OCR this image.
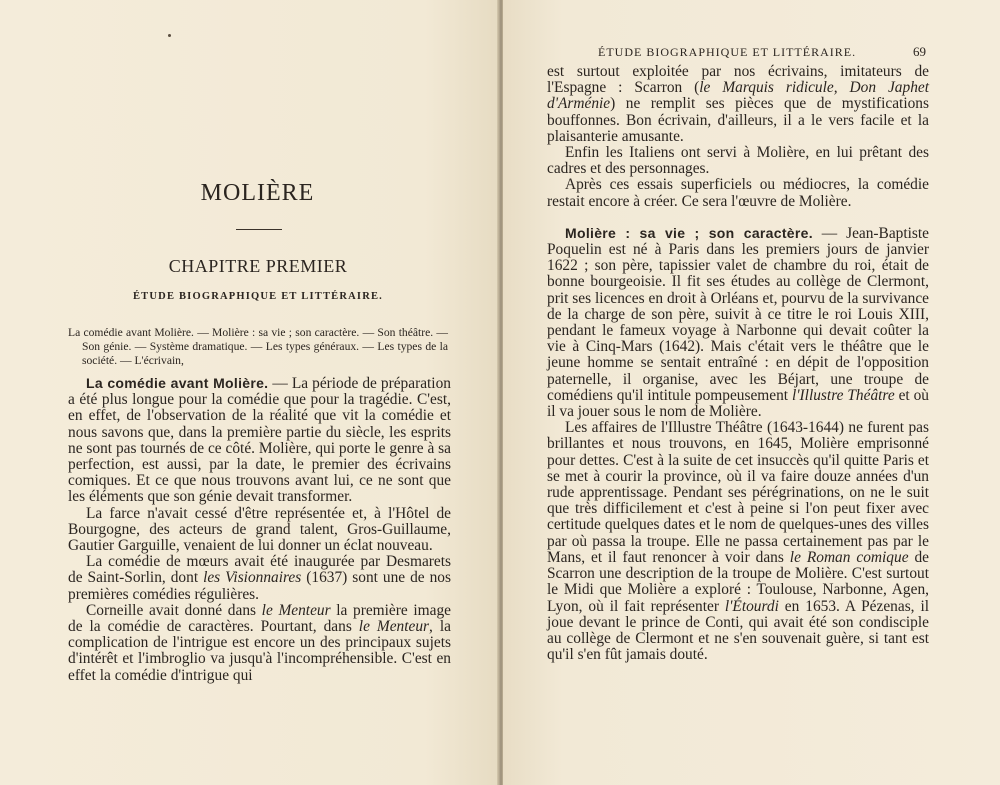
MOLIÈRE
CHAPITRE PREMIER
ÉTUDE BIOGRAPHIQUE ET LITTÉRAIRE.
La comédie avant Molière. — Molière : sa vie ; son caractère. — Son théâtre. — Son génie. — Système dramatique. — Les types généraux. — Les types de la société. — L'écrivain,

La comédie avant Molière. — La période de préparation a été plus longue pour la comédie que pour la tragédie. C'est, en effet, de l'observation de la réalité que vit la comédie et nous savons que, dans la première partie du siècle, les esprits ne sont pas tournés de ce côté. Molière, qui porte le genre à sa perfection, est aussi, par la date, le premier des écrivains comiques. Et ce que nous trouvons avant lui, ce ne sont que les éléments que son génie devait transformer.

La farce n'avait cessé d'être représentée et, à l'Hôtel de Bourgogne, des acteurs de grand talent, Gros-Guillaume, Gautier Garguille, venaient de lui donner un éclat nouveau.

La comédie de mœurs avait été inaugurée par Desmarets de Saint-Sorlin, dont les Visionnaires (1637) sont une de nos premières comédies régulières.

Corneille avait donné dans le Menteur la première image de la comédie de caractères. Pourtant, dans le Menteur, la complication de l'intrigue est encore un des principaux sujets d'intérêt et l'imbroglio va jusqu'à l'incompréhensible. C'est en effet la comédie d'intrigue qui

ÉTUDE BIOGRAPHIQUE ET LITTÉRAIRE.	69

est surtout exploitée par nos écrivains, imitateurs de l'Espagne : Scarron (le Marquis ridicule, Don Japhet d'Arménie) ne remplit ses pièces que de mystifications bouffonnes. Bon écrivain, d'ailleurs, il a le vers facile et la plaisanterie amusante.

Enfin les Italiens ont servi à Molière, en lui prêtant des cadres et des personnages.

Après ces essais superficiels ou médiocres, la comédie restait encore à créer. Ce sera l'œuvre de Molière.

Molière : sa vie ; son caractère. — Jean-Baptiste Poquelin est né à Paris dans les premiers jours de janvier 1622 ; son père, tapissier valet de chambre du roi, était de bonne bourgeoisie. Il fit ses études au collège de Clermont, prit ses licences en droit à Orléans et, pourvu de la survivance de la charge de son père, suivit à ce titre le roi Louis XIII, pendant le fameux voyage à Narbonne qui devait coûter la vie à Cinq-Mars (1642). Mais c'était vers le théâtre que le jeune homme se sentait entraîné : en dépit de l'opposition paternelle, il organise, avec les Béjart, une troupe de comédiens qu'il intitule pompeusement l'Illustre Théâtre et où il va jouer sous le nom de Molière.

Les affaires de l'Illustre Théâtre (1643-1644) ne furent pas brillantes et nous trouvons, en 1645, Molière emprisonné pour dettes. C'est à la suite de cet insuccès qu'il quitte Paris et se met à courir la province, où il va faire douze années d'un rude apprentissage. Pendant ses pérégrinations, on ne le suit que très difficilement et c'est à peine si l'on peut fixer avec certitude quelques dates et le nom de quelques-unes des villes par où passa la troupe. Elle ne passa certainement pas par le Mans, et il faut renoncer à voir dans le Roman comique de Scarron une description de la troupe de Molière. C'est surtout le Midi que Molière a exploré : Toulouse, Narbonne, Agen, Lyon, où il fait représenter l'Étourdi en 1653. A Pézenas, il joue devant le prince de Conti, qui avait été son condisciple au collège de Clermont et ne s'en souvenait guère, si tant est qu'il s'en fût jamais douté.
